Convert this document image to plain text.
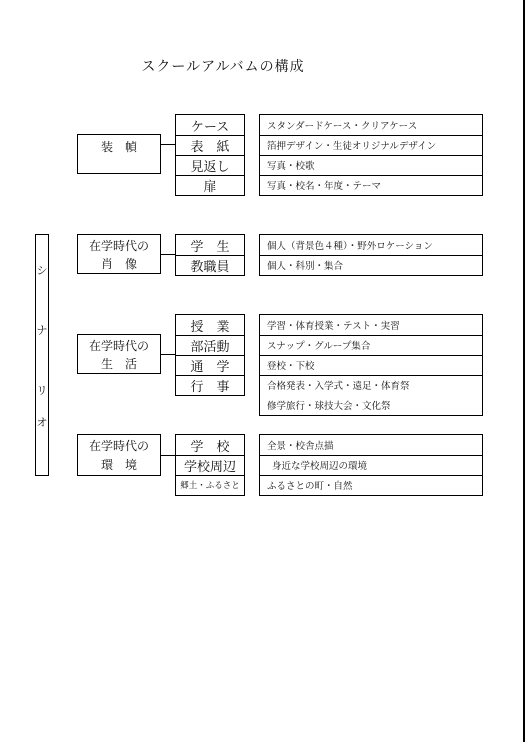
スクールアルバムの構成
装　幀
ケース
表　紙
見返し
扉
スタンダードケース・クリアケース
箔押デザイン・生徒オリジナルデザイン
写真・校歌
写真・校名・年度・テーマ
シ
ナ
リ
オ
在学時代の
肖　像
学　生
教職員
個人（背景色４種）・野外ロケーション
個人・科別・集合
在学時代の
生　活
授　業
部活動
通　学
行　事
学習・体育授業・テスト・実習
スナップ・グループ集合
登校・下校
合格発表・入学式・遠足・体育祭
修学旅行・球技大会・文化祭
在学時代の
環　境
学　校
学校周辺
郷土・ふるさと
全景・校舎点描
身近な学校周辺の環境
ふるさとの町・自然
